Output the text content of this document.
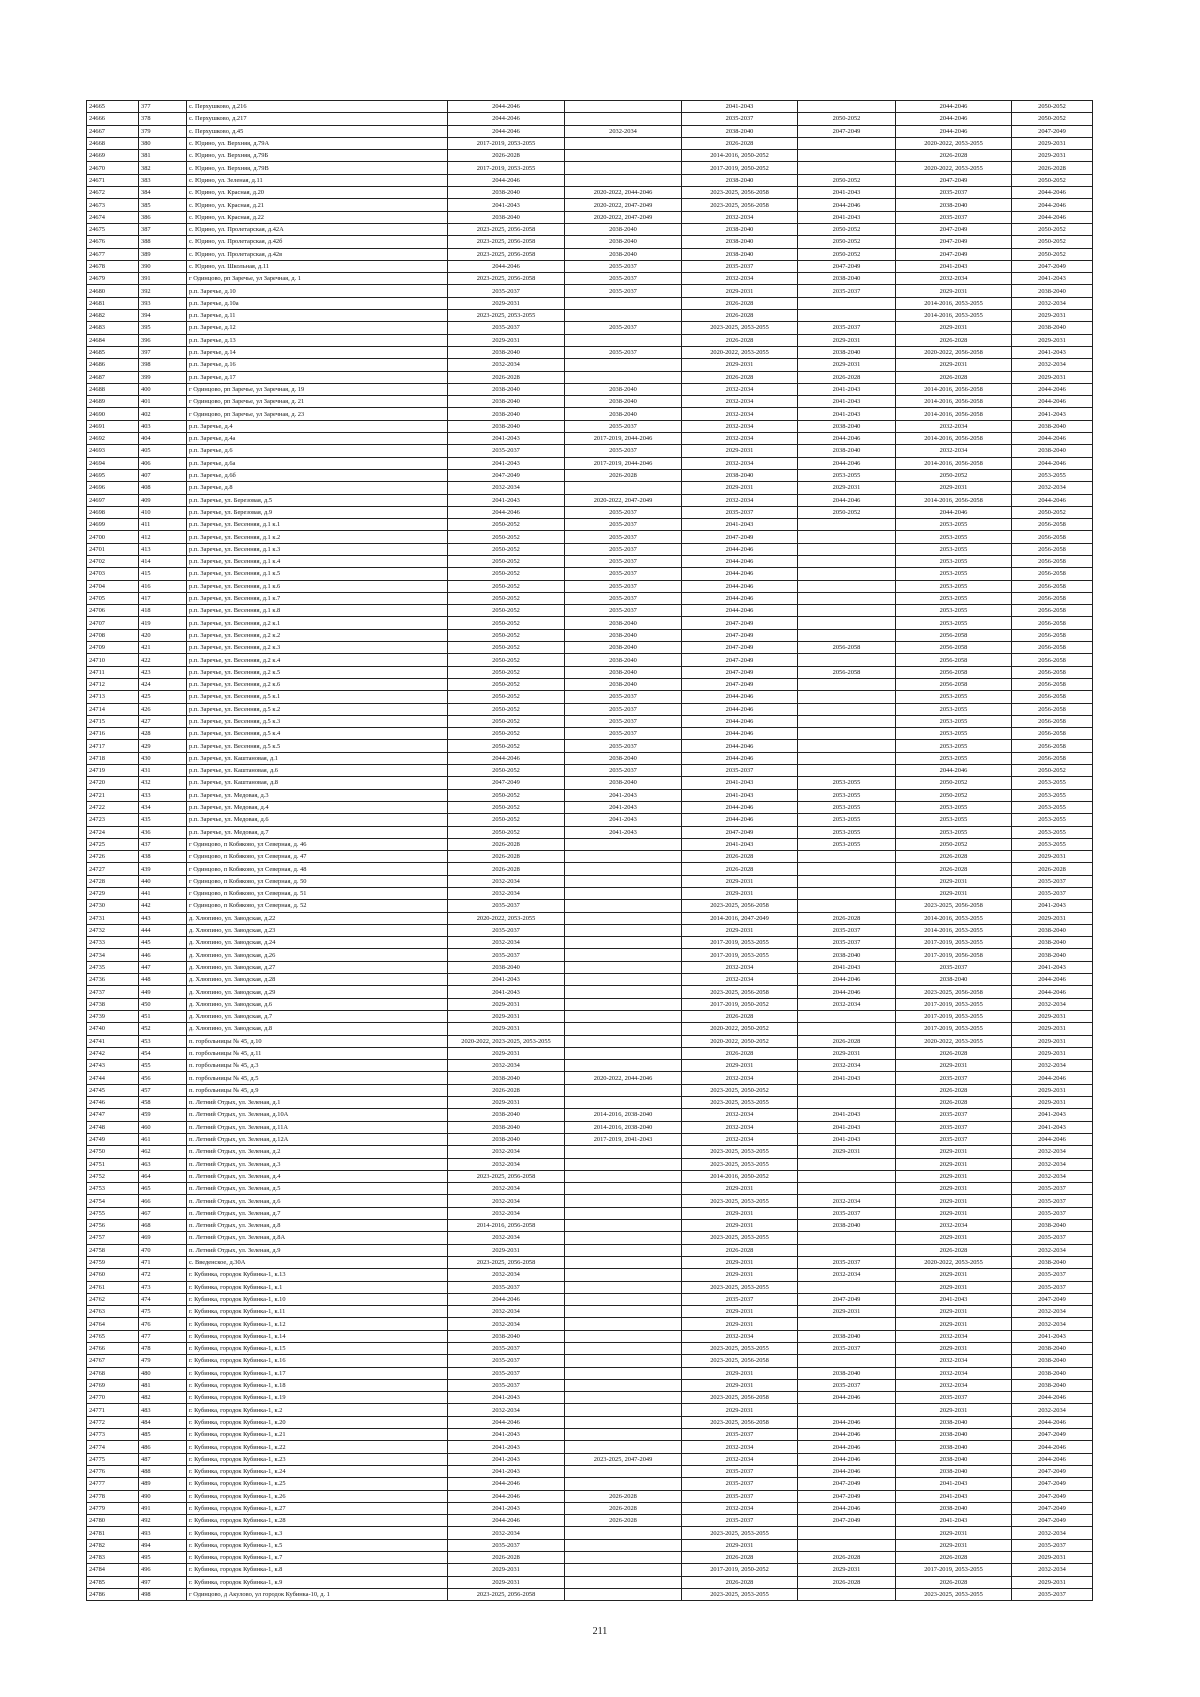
24665	377	с. Перхушково, д.216	2044-2046		2041-2043		2044-2046	2050-2052
24666	378	с. Перхушково, д.217	2044-2046		2035-2037	2050-2052	2044-2046	2050-2052
24667	379	с. Перхушково, д.45	2044-2046	2032-2034	2038-2040	2047-2049	2044-2046	2047-2049
24668	380	с. Юдино, ул. Верхняя, д.79А	2017-2019, 2053-2055		2026-2028		2020-2022, 2053-2055	2029-2031
24669	381	с. Юдино, ул. Верхняя, д.79Б	2026-2028		2014-2016, 2050-2052		2026-2028	2029-2031
24670	382	с. Юдино, ул. Верхняя, д.79В	2017-2019, 2053-2055		2017-2019, 2050-2052		2020-2022, 2053-2055	2026-2028
24671	383	с. Юдино, ул. Зеленая, д.11	2044-2046		2038-2040	2050-2052	2047-2049	2050-2052
24672	384	с. Юдино, ул. Красная, д.20	2038-2040	2020-2022, 2044-2046	2023-2025, 2056-2058	2041-2043	2035-2037	2044-2046
24673	385	с. Юдино, ул. Красная, д.21	2041-2043	2020-2022, 2047-2049	2023-2025, 2056-2058	2044-2046	2038-2040	2044-2046
24674	386	с. Юдино, ул. Красная, д.22	2038-2040	2020-2022, 2047-2049	2032-2034	2041-2043	2035-2037	2044-2046
24675	387	с. Юдино, ул. Пролетарская, д.42А	2023-2025, 2056-2058	2038-2040	2038-2040	2050-2052	2047-2049	2050-2052
24676	388	с. Юдино, ул. Пролетарская, д.42б	2023-2025, 2056-2058	2038-2040	2038-2040	2050-2052	2047-2049	2050-2052
24677	389	с. Юдино, ул. Пролетарская, д.42в	2023-2025, 2056-2058	2038-2040	2038-2040	2050-2052	2047-2049	2050-2052
24678	390	с. Юдино, ул. Школьная, д.11	2044-2046	2035-2037	2035-2037	2047-2049	2041-2043	2047-2049
24679	391	г Одинцово, рп Заречье, ул Заречная, д. 1	2023-2025, 2056-2058	2035-2037	2032-2034	2038-2040	2032-2034	2041-2043
24680	392	р.п. Заречье, д.10	2035-2037	2035-2037	2029-2031	2035-2037	2029-2031	2038-2040
24681	393	р.п. Заречье, д.10а	2029-2031		2026-2028		2014-2016, 2053-2055	2032-2034
24682	394	р.п. Заречье, д.11	2023-2025, 2053-2055		2026-2028		2014-2016, 2053-2055	2029-2031
24683	395	р.п. Заречье, д.12	2035-2037	2035-2037	2023-2025, 2053-2055	2035-2037	2029-2031	2038-2040
24684	396	р.п. Заречье, д.13	2029-2031		2026-2028	2029-2031	2026-2028	2029-2031
24685	397	р.п. Заречье, д.14	2038-2040	2035-2037	2020-2022, 2053-2055	2038-2040	2020-2022, 2056-2058	2041-2043
24686	398	р.п. Заречье, д.16	2032-2034		2029-2031	2029-2031	2029-2031	2032-2034
24687	399	р.п. Заречье, д.17	2026-2028		2026-2028	2026-2028	2026-2028	2029-2031
24688	400	г Одинцово, рп Заречье, ул Заречная, д. 19	2038-2040	2038-2040	2032-2034	2041-2043	2014-2016, 2056-2058	2044-2046
24689	401	г Одинцово, рп Заречье, ул Заречная, д. 21	2038-2040	2038-2040	2032-2034	2041-2043	2014-2016, 2056-2058	2044-2046
24690	402	г Одинцово, рп Заречье, ул Заречная, д. 23	2038-2040	2038-2040	2032-2034	2041-2043	2014-2016, 2056-2058	2041-2043
24691	403	р.п. Заречье, д.4	2038-2040	2035-2037	2032-2034	2038-2040	2032-2034	2038-2040
24692	404	р.п. Заречье, д.4а	2041-2043	2017-2019, 2044-2046	2032-2034	2044-2046	2014-2016, 2056-2058	2044-2046
24693	405	р.п. Заречье, д.6	2035-2037	2035-2037	2029-2031	2038-2040	2032-2034	2038-2040
24694	406	р.п. Заречье, д.6а	2041-2043	2017-2019, 2044-2046	2032-2034	2044-2046	2014-2016, 2056-2058	2044-2046
24695	407	р.п. Заречье, д.6б	2047-2049	2026-2028	2038-2040	2053-2055	2050-2052	2053-2055
24696	408	р.п. Заречье, д.8	2032-2034		2029-2031	2029-2031	2029-2031	2032-2034
24697	409	р.п. Заречье, ул. Березовая, д.5	2041-2043	2020-2022, 2047-2049	2032-2034	2044-2046	2014-2016, 2056-2058	2044-2046
24698	410	р.п. Заречье, ул. Березовая, д.9	2044-2046	2035-2037	2035-2037	2050-2052	2044-2046	2050-2052
24699	411	р.п. Заречье, ул. Весенняя, д.1 к.1	2050-2052	2035-2037	2041-2043		2053-2055	2056-2058
24700	412	р.п. Заречье, ул. Весенняя, д.1 к.2	2050-2052	2035-2037	2047-2049		2053-2055	2056-2058
24701	413	р.п. Заречье, ул. Весенняя, д.1 к.3	2050-2052	2035-2037	2044-2046		2053-2055	2056-2058
24702	414	р.п. Заречье, ул. Весенняя, д.1 к.4	2050-2052	2035-2037	2044-2046		2053-2055	2056-2058
24703	415	р.п. Заречье, ул. Весенняя, д.1 к.5	2050-2052	2035-2037	2044-2046		2053-2055	2056-2058
24704	416	р.п. Заречье, ул. Весенняя, д.1 к.6	2050-2052	2035-2037	2044-2046		2053-2055	2056-2058
24705	417	р.п. Заречье, ул. Весенняя, д.1 к.7	2050-2052	2035-2037	2044-2046		2053-2055	2056-2058
24706	418	р.п. Заречье, ул. Весенняя, д.1 к.8	2050-2052	2035-2037	2044-2046		2053-2055	2056-2058
24707	419	р.п. Заречье, ул. Весенняя, д.2 к.1	2050-2052	2038-2040	2047-2049		2053-2055	2056-2058
24708	420	р.п. Заречье, ул. Весенняя, д.2 к.2	2050-2052	2038-2040	2047-2049		2056-2058	2056-2058
24709	421	р.п. Заречье, ул. Весенняя, д.2 к.3	2050-2052	2038-2040	2047-2049	2056-2058	2056-2058	2056-2058
24710	422	р.п. Заречье, ул. Весенняя, д.2 к.4	2050-2052	2038-2040	2047-2049		2056-2058	2056-2058
24711	423	р.п. Заречье, ул. Весенняя, д.2 к.5	2050-2052	2038-2040	2047-2049	2056-2058	2056-2058	2056-2058
24712	424	р.п. Заречье, ул. Весенняя, д.2 к.6	2050-2052	2038-2040	2047-2049		2056-2058	2056-2058
24713	425	р.п. Заречье, ул. Весенняя, д.5 к.1	2050-2052	2035-2037	2044-2046		2053-2055	2056-2058
24714	426	р.п. Заречье, ул. Весенняя, д.5 к.2	2050-2052	2035-2037	2044-2046		2053-2055	2056-2058
24715	427	р.п. Заречье, ул. Весенняя, д.5 к.3	2050-2052	2035-2037	2044-2046		2053-2055	2056-2058
24716	428	р.п. Заречье, ул. Весенняя, д.5 к.4	2050-2052	2035-2037	2044-2046		2053-2055	2056-2058
24717	429	р.п. Заречье, ул. Весенняя, д.5 к.5	2050-2052	2035-2037	2044-2046		2053-2055	2056-2058
24718	430	р.п. Заречье, ул. Каштановая, д.1	2044-2046	2038-2040	2044-2046		2053-2055	2056-2058
24719	431	р.п. Заречье, ул. Каштановая, д.6	2050-2052	2035-2037	2035-2037		2044-2046	2050-2052
24720	432	р.п. Заречье, ул. Каштановая, д.8	2047-2049	2038-2040	2041-2043	2053-2055	2050-2052	2053-2055
24721	433	р.п. Заречье, ул. Медовая, д.3	2050-2052	2041-2043	2041-2043	2053-2055	2050-2052	2053-2055
24722	434	р.п. Заречье, ул. Медовая, д.4	2050-2052	2041-2043	2044-2046	2053-2055	2053-2055	2053-2055
24723	435	р.п. Заречье, ул. Медовая, д.6	2050-2052	2041-2043	2044-2046	2053-2055	2053-2055	2053-2055
24724	436	р.п. Заречье, ул. Медовая, д.7	2050-2052	2041-2043	2047-2049	2053-2055	2053-2055	2053-2055
24725	437	г Одинцово, п Кобяково, ул Северная, д. 46	2026-2028		2041-2043	2053-2055	2050-2052	2053-2055
24726	438	г Одинцово, п Кобяково, ул Северная, д. 47	2026-2028		2026-2028		2026-2028	2029-2031
24727	439	г Одинцово, п Кобяково, ул Северная, д. 48	2026-2028		2026-2028		2026-2028	2026-2028
24728	440	г Одинцово, п Кобяково, ул Северная, д. 50	2032-2034		2029-2031		2029-2031	2035-2037
24729	441	г Одинцово, п Кобяково, ул Северная, д. 51	2032-2034		2029-2031		2029-2031	2035-2037
24730	442	г Одинцово, п Кобяково, ул Северная, д. 52	2035-2037		2023-2025, 2056-2058		2023-2025, 2056-2058	2041-2043
24731	443	д. Хлюпино, ул. Заводская, д.22	2020-2022, 2053-2055		2014-2016, 2047-2049	2026-2028	2014-2016, 2053-2055	2029-2031
24732	444	д. Хлюпино, ул. Заводская, д.23	2035-2037		2029-2031	2035-2037	2014-2016, 2053-2055	2038-2040
24733	445	д. Хлюпино, ул. Заводская, д.24	2032-2034		2017-2019, 2053-2055	2035-2037	2017-2019, 2053-2055	2038-2040
24734	446	д. Хлюпино, ул. Заводская, д.26	2035-2037		2017-2019, 2053-2055	2038-2040	2017-2019, 2056-2058	2038-2040
24735	447	д. Хлюпино, ул. Заводская, д.27	2038-2040		2032-2034	2041-2043	2035-2037	2041-2043
24736	448	д. Хлюпино, ул. Заводская, д.28	2041-2043		2032-2034	2044-2046	2038-2040	2044-2046
24737	449	д. Хлюпино, ул. Заводская, д.29	2041-2043		2023-2025, 2056-2058	2044-2046	2023-2025, 2056-2058	2044-2046
24738	450	д. Хлюпино, ул. Заводская, д.6	2029-2031		2017-2019, 2050-2052	2032-2034	2017-2019, 2053-2055	2032-2034
24739	451	д. Хлюпино, ул. Заводская, д.7	2029-2031		2026-2028		2017-2019, 2053-2055	2029-2031
24740	452	д. Хлюпино, ул. Заводская, д.8	2029-2031		2020-2022, 2050-2052		2017-2019, 2053-2055	2029-2031
24741	453	п. горбольницы № 45, д.10	2020-2022, 2023-2025, 2053-2055		2020-2022, 2050-2052	2026-2028	2020-2022, 2053-2055	2029-2031
24742	454	п. горбольницы № 45, д.11	2029-2031		2026-2028	2029-2031	2026-2028	2029-2031
24743	455	п. горбольницы № 45, д.3	2032-2034		2029-2031	2032-2034	2029-2031	2032-2034
24744	456	п. горбольницы № 45, д.5	2038-2040	2020-2022, 2044-2046	2032-2034	2041-2043	2035-2037	2044-2046
24745	457	п. горбольницы № 45, д.9	2026-2028		2023-2025, 2050-2052		2026-2028	2029-2031
24746	458	п. Летний Отдых, ул. Зеленая, д.1	2029-2031		2023-2025, 2053-2055		2026-2028	2029-2031
24747	459	п. Летний Отдых, ул. Зеленая, д.10А	2038-2040	2014-2016, 2038-2040	2032-2034	2041-2043	2035-2037	2041-2043
24748	460	п. Летний Отдых, ул. Зеленая, д.11А	2038-2040	2014-2016, 2038-2040	2032-2034	2041-2043	2035-2037	2041-2043
24749	461	п. Летний Отдых, ул. Зеленая, д.12А	2038-2040	2017-2019, 2041-2043	2032-2034	2041-2043	2035-2037	2044-2046
24750	462	п. Летний Отдых, ул. Зеленая, д.2	2032-2034		2023-2025, 2053-2055	2029-2031	2029-2031	2032-2034
24751	463	п. Летний Отдых, ул. Зеленая, д.3	2032-2034		2023-2025, 2053-2055		2029-2031	2032-2034
24752	464	п. Летний Отдых, ул. Зеленая, д.4	2023-2025, 2056-2058		2014-2016, 2050-2052		2029-2031	2032-2034
24753	465	п. Летний Отдых, ул. Зеленая, д.5	2032-2034		2029-2031		2029-2031	2035-2037
24754	466	п. Летний Отдых, ул. Зеленая, д.6	2032-2034		2023-2025, 2053-2055	2032-2034	2029-2031	2035-2037
24755	467	п. Летний Отдых, ул. Зеленая, д.7	2032-2034		2029-2031	2035-2037	2029-2031	2035-2037
24756	468	п. Летний Отдых, ул. Зеленая, д.8	2014-2016, 2056-2058		2029-2031	2038-2040	2032-2034	2038-2040
24757	469	п. Летний Отдых, ул. Зеленая, д.8А	2032-2034		2023-2025, 2053-2055		2029-2031	2035-2037
24758	470	п. Летний Отдых, ул. Зеленая, д.9	2029-2031		2026-2028		2026-2028	2032-2034
24759	471	с. Введенское, д.30А	2023-2025, 2056-2058		2029-2031	2035-2037	2020-2022, 2053-2055	2038-2040
24760	472	г. Кубинка, городок Кубинка-1, к.13	2032-2034		2029-2031	2032-2034	2029-2031	2035-2037
24761	473	г. Кубинка, городок Кубинка-1, к.1	2035-2037		2023-2025, 2053-2055		2029-2031	2035-2037
24762	474	г. Кубинка, городок Кубинка-1, к.10	2044-2046		2035-2037	2047-2049	2041-2043	2047-2049
24763	475	г. Кубинка, городок Кубинка-1, к.11	2032-2034		2029-2031	2029-2031	2029-2031	2032-2034
24764	476	г. Кубинка, городок Кубинка-1, к.12	2032-2034		2029-2031		2029-2031	2032-2034
24765	477	г. Кубинка, городок Кубинка-1, к.14	2038-2040		2032-2034	2038-2040	2032-2034	2041-2043
24766	478	г. Кубинка, городок Кубинка-1, к.15	2035-2037		2023-2025, 2053-2055	2035-2037	2029-2031	2038-2040
24767	479	г. Кубинка, городок Кубинка-1, к.16	2035-2037		2023-2025, 2056-2058		2032-2034	2038-2040
24768	480	г. Кубинка, городок Кубинка-1, к.17	2035-2037		2029-2031	2038-2040	2032-2034	2038-2040
24769	481	г. Кубинка, городок Кубинка-1, к.18	2035-2037		2029-2031	2035-2037	2032-2034	2038-2040
24770	482	г. Кубинка, городок Кубинка-1, к.19	2041-2043		2023-2025, 2056-2058	2044-2046	2035-2037	2044-2046
24771	483	г. Кубинка, городок Кубинка-1, к.2	2032-2034		2029-2031		2029-2031	2032-2034
24772	484	г. Кубинка, городок Кубинка-1, к.20	2044-2046		2023-2025, 2056-2058	2044-2046	2038-2040	2044-2046
24773	485	г. Кубинка, городок Кубинка-1, к.21	2041-2043		2035-2037	2044-2046	2038-2040	2047-2049
24774	486	г. Кубинка, городок Кубинка-1, к.22	2041-2043		2032-2034	2044-2046	2038-2040	2044-2046
24775	487	г. Кубинка, городок Кубинка-1, к.23	2041-2043	2023-2025, 2047-2049	2032-2034	2044-2046	2038-2040	2044-2046
24776	488	г. Кубинка, городок Кубинка-1, к.24	2041-2043		2035-2037	2044-2046	2038-2040	2047-2049
24777	489	г. Кубинка, городок Кубинка-1, к.25	2044-2046		2035-2037	2047-2049	2041-2043	2047-2049
24778	490	г. Кубинка, городок Кубинка-1, к.26	2044-2046	2026-2028	2035-2037	2047-2049	2041-2043	2047-2049
24779	491	г. Кубинка, городок Кубинка-1, к.27	2041-2043	2026-2028	2032-2034	2044-2046	2038-2040	2047-2049
24780	492	г. Кубинка, городок Кубинка-1, к.28	2044-2046	2026-2028	2035-2037	2047-2049	2041-2043	2047-2049
24781	493	г. Кубинка, городок Кубинка-1, к.3	2032-2034		2023-2025, 2053-2055		2029-2031	2032-2034
24782	494	г. Кубинка, городок Кубинка-1, к.5	2035-2037		2029-2031		2029-2031	2035-2037
24783	495	г. Кубинка, городок Кубинка-1, к.7	2026-2028		2026-2028	2026-2028	2026-2028	2029-2031
24784	496	г. Кубинка, городок Кубинка-1, к.8	2029-2031		2017-2019, 2050-2052	2029-2031	2017-2019, 2053-2055	2032-2034
24785	497	г. Кубинка, городок Кубинка-1, к.9	2029-2031		2026-2028	2026-2028	2026-2028	2029-2031
24786	498	г Одинцово, д Акулово, ул городок Кубинка-10, д. 1	2023-2025, 2056-2058		2023-2025, 2053-2055		2023-2025, 2053-2055	2035-2037
211
